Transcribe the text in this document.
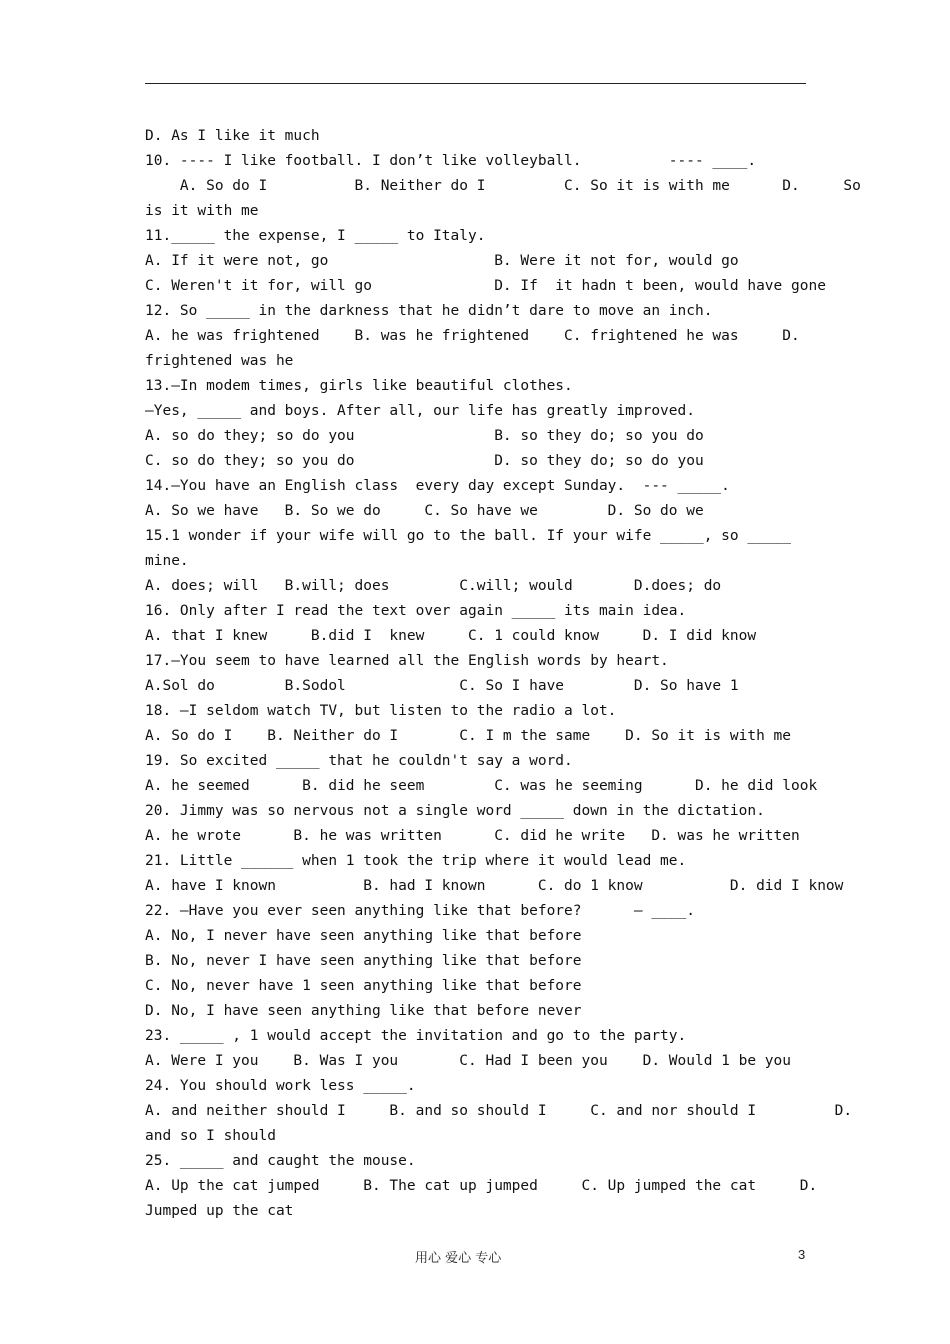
D. As I like it much
10. ---- I like football. I don’t like volleyball.          ---- ____.
A. So do I          B. Neither do I         C. So it is with me      D.     So
is it with me
11._____ the expense, I _____ to Italy.
A. If it were not, go                   B. Were it not for, would go
C. Weren't it for, will go              D. If  it hadn t been, would have gone
12. So _____ in the darkness that he didn’t dare to move an inch.
A. he was frightened    B. was he frightened    C. frightened he was     D.
frightened was he
13.—In modem times, girls like beautiful clothes.
—Yes, _____ and boys. After all, our life has greatly improved.
A. so do they; so do you                B. so they do; so you do
C. so do they; so you do                D. so they do; so do you
14.—You have an English class  every day except Sunday.  --- _____.
A. So we have   B. So we do     C. So have we        D. So do we
15.1 wonder if your wife will go to the ball. If your wife _____, so _____
mine.
A. does; will   B.will; does        C.will; would       D.does; do
16. Only after I read the text over again _____ its main idea.
A. that I knew     B.did I  knew     C. 1 could know     D. I did know
17.—You seem to have learned all the English words by heart.
A.Sol do        B.Sodol             C. So I have        D. So have 1
18. —I seldom watch TV, but listen to the radio a lot.
A. So do I    B. Neither do I       C. I m the same    D. So it is with me
19. So excited _____ that he couldn't say a word.
A. he seemed      B. did he seem        C. was he seeming      D. he did look
20. Jimmy was so nervous not a single word _____ down in the dictation.
A. he wrote      B. he was written      C. did he write   D. was he written
21. Little ______ when 1 took the trip where it would lead me.
A. have I known          B. had I known      C. do 1 know          D. did I know
22. —Have you ever seen anything like that before?      — ____.
A. No, I never have seen anything like that before
B. No, never I have seen anything like that before
C. No, never have 1 seen anything like that before
D. No, I have seen anything like that before never
23. _____ , 1 would accept the invitation and go to the party.
A. Were I you    B. Was I you       C. Had I been you    D. Would 1 be you
24. You should work less _____.
A. and neither should I     B. and so should I     C. and nor should I         D.
and so I should
25. _____ and caught the mouse.
A. Up the cat jumped     B. The cat up jumped     C. Up jumped the cat     D.
Jumped up the cat
用心 爱心 专心	3
